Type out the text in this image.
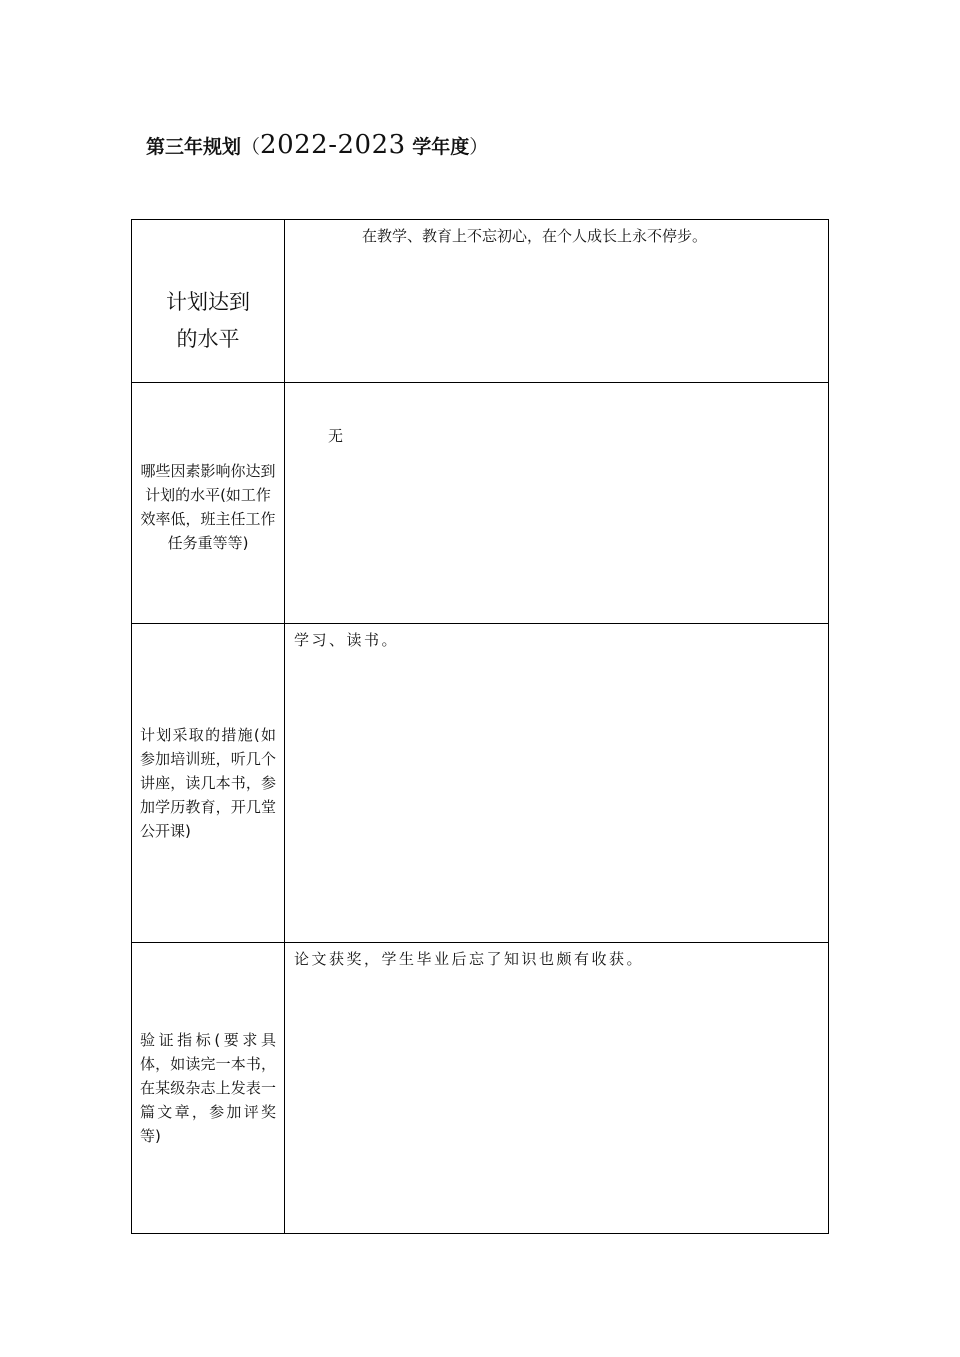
第三年规划（2022-2023 学年度）
计划达到的水平	在教学、教育上不忘初心，在个人成长上永不停步。

哪些因素影响你达到计划的水平(如工作效率低，班主任工作任务重等等)	无

计划采取的措施(如参加培训班，听几个讲座，读几本书，参加学历教育，开几堂公开课)	学习、读书。

验证指标(要求具体，如读完一本书，在某级杂志上发表一篇文章，参加评奖等)	论文获奖，学生毕业后忘了知识也颇有收获。
